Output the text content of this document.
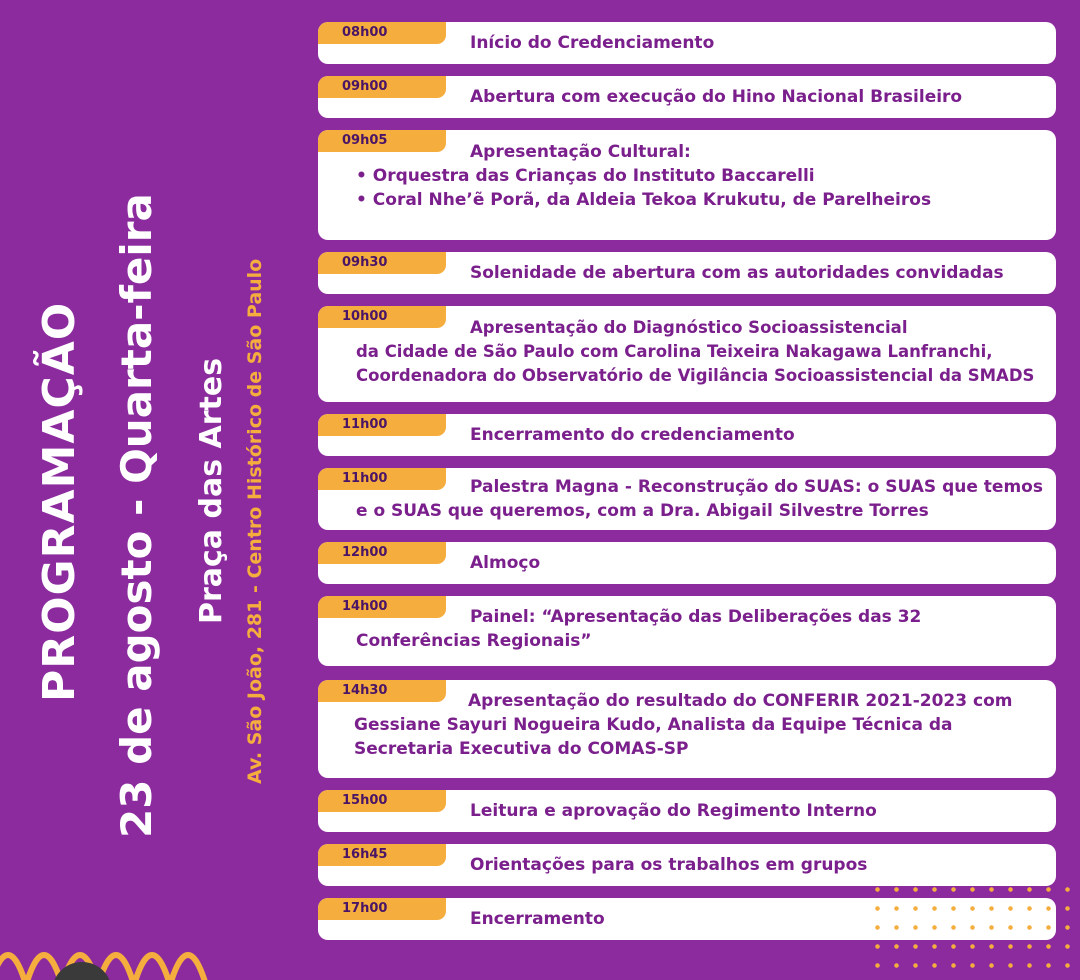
PROGRAMAÇÃO 23 de agosto - Quarta-feira Praça das Artes Av. São João, 281 - Centro Histórico de São Paulo
08h00
Início do Credenciamento
09h00
Abertura com execução do Hino Nacional Brasileiro
09h05
Apresentação Cultural:
• Orquestra das Crianças do Instituto Baccarelli
• Coral Nhe’ẽ Porã, da Aldeia Tekoa Krukutu, de Parelheiros
09h30
Solenidade de abertura com as autoridades convidadas
10h00
Apresentação do Diagnóstico Socioassistencial
da Cidade de São Paulo com Carolina Teixeira Nakagawa Lanfranchi,
Coordenadora do Observatório de Vigilância Socioassistencial da SMADS
11h00
Encerramento do credenciamento
11h00	Palestra Magna - Reconstrução do SUAS: o SUAS que temos
e o SUAS que queremos, com a Dra. Abigail Silvestre Torres
12h00
Almoço
14h00
Painel: “Apresentação das Deliberações das 32
Conferências Regionais”
14h30
Apresentação do resultado do CONFERIR 2021-2023 com
Gessiane Sayuri Nogueira Kudo, Analista da Equipe Técnica da
Secretaria Executiva do COMAS-SP
15h00
Leitura e aprovação do Regimento Interno
16h45
Orientações para os trabalhos em grupos
17h00
Encerramento
